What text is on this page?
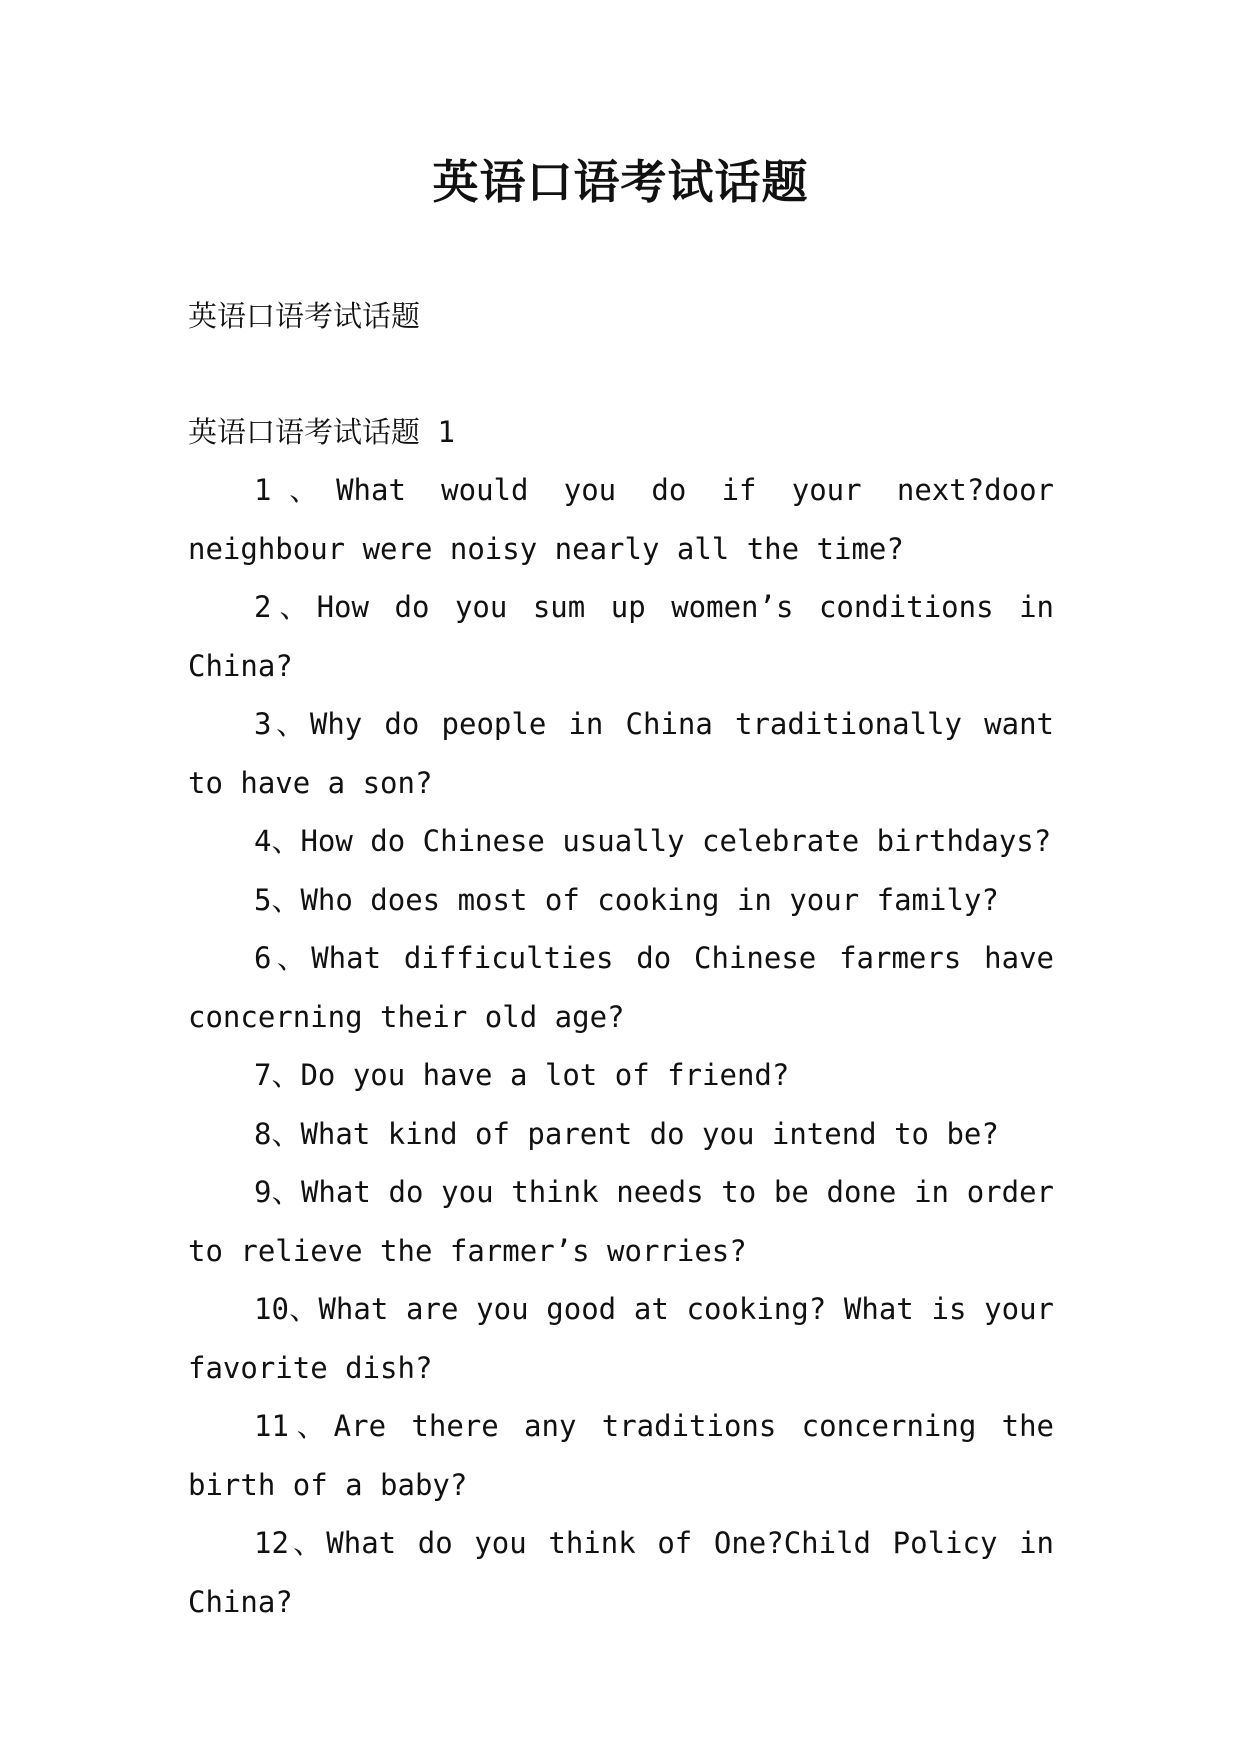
英语口语考试话题
英语口语考试话题
英语口语考试话题 1
1、What would you do if your next?door neighbour were noisy nearly all the time?
2、How do you sum up women’s conditions in China?
3、Why do people in China traditionally want to have a son?
4、How do Chinese usually celebrate birthdays?
5、Who does most of cooking in your family?
6、What difficulties do Chinese farmers have concerning their old age?
7、Do you have a lot of friend?
8、What kind of parent do you intend to be?
9、What do you think needs to be done in order to relieve the farmer’s worries?
10、What are you good at cooking? What is your favorite dish?
11、Are there any traditions concerning the birth of a baby?
12、What do you think of One?Child Policy in China?
